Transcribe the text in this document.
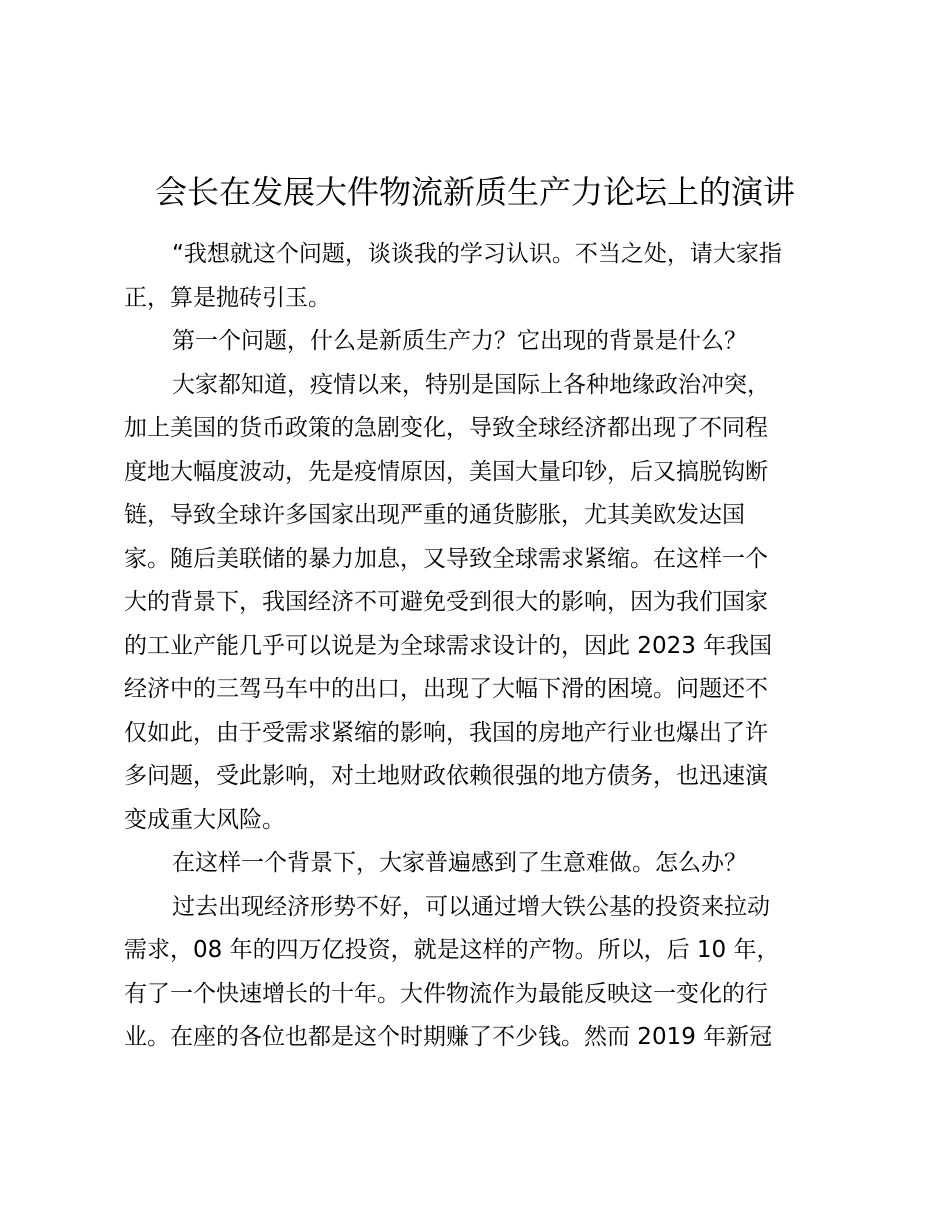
会长在发展大件物流新质生产力论坛上的演讲
“我想就这个问题，谈谈我的学习认识。不当之处，请大家指
正，算是抛砖引玉。
第一个问题，什么是新质生产力？它出现的背景是什么？
大家都知道，疫情以来，特别是国际上各种地缘政治冲突，
加上美国的货币政策的急剧变化，导致全球经济都出现了不同程
度地大幅度波动，先是疫情原因，美国大量印钞，后又搞脱钩断
链，导致全球许多国家出现严重的通货膨胀，尤其美欧发达国
家。随后美联储的暴力加息，又导致全球需求紧缩。在这样一个
大的背景下，我国经济不可避免受到很大的影响，因为我们国家
的工业产能几乎可以说是为全球需求设计的，因此 2023 年我国
经济中的三驾马车中的出口，出现了大幅下滑的困境。问题还不
仅如此，由于受需求紧缩的影响，我国的房地产行业也爆出了许
多问题，受此影响，对土地财政依赖很强的地方债务，也迅速演
变成重大风险。
在这样一个背景下，大家普遍感到了生意难做。怎么办？
过去出现经济形势不好，可以通过增大铁公基的投资来拉动
需求，08 年的四万亿投资，就是这样的产物。所以，后 10 年，
有了一个快速增长的十年。大件物流作为最能反映这一变化的行
业。在座的各位也都是这个时期赚了不少钱。然而 2019 年新冠
